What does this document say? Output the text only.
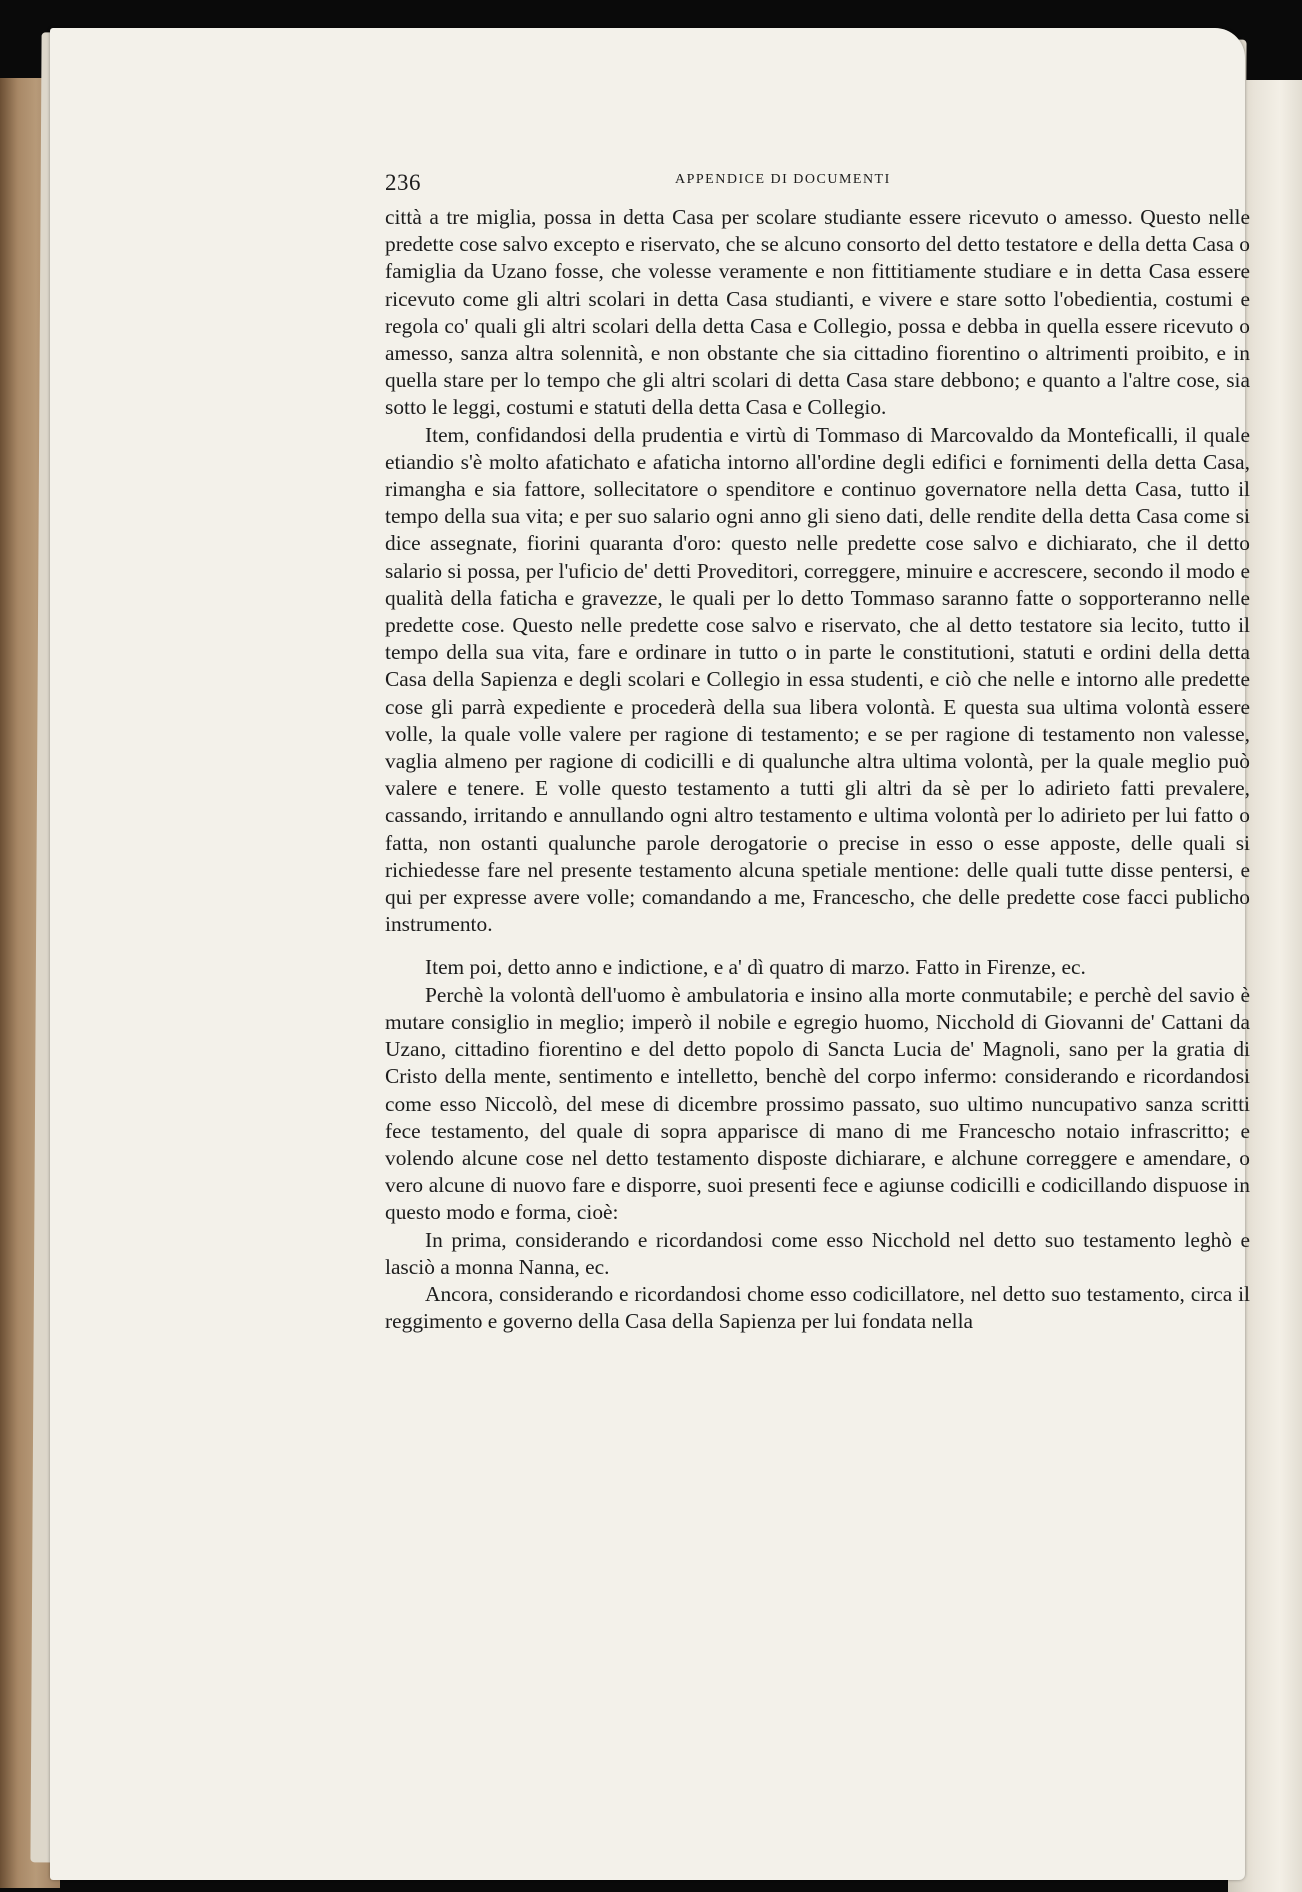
236	APPENDICE DI DOCUMENTI

città a tre miglia, possa in detta Casa per scolare studiante essere ricevuto o amesso. Questo nelle predette cose salvo excepto e riservato, che se alcuno consorto del detto testatore e della detta Casa o famiglia da Uzano fosse, che volesse veramente e non fittitiamente studiare e in detta Casa essere ricevuto come gli altri scolari in detta Casa studianti, e vivere e stare sotto l'obedientia, costumi e regola co' quali gli altri scolari della detta Casa e Collegio, possa e debba in quella essere ricevuto o amesso, sanza altra solennità, e non obstante che sia cittadino fiorentino o altrimenti proibito, e in quella stare per lo tempo che gli altri scolari di detta Casa stare debbono; e quanto a l'altre cose, sia sotto le leggi, costumi e statuti della detta Casa e Collegio.

Item, confidandosi della prudentia e virtù di Tommaso di Marcovaldo da Monteficalli, il quale etiandio s'è molto afatichato e afaticha intorno all'ordine degli edifici e fornimenti della detta Casa, rimangha e sia fattore, sollecitatore o spenditore e continuo governatore nella detta Casa, tutto il tempo della sua vita; e per suo salario ogni anno gli sieno dati, delle rendite della detta Casa come si dice assegnate, fiorini quaranta d'oro: questo nelle predette cose salvo e dichiarato, che il detto salario si possa, per l'uficio de' detti Proveditori, correggere, minuire e accrescere, secondo il modo e qualità della faticha e gravezze, le quali per lo detto Tommaso saranno fatte o sopporteranno nelle predette cose. Questo nelle predette cose salvo e riservato, che al detto testatore sia lecito, tutto il tempo della sua vita, fare e ordinare in tutto o in parte le constitutioni, statuti e ordini della detta Casa della Sapienza e degli scolari e Collegio in essa studenti, e ciò che nelle e intorno alle predette cose gli parrà expediente e procederà della sua libera volontà. E questa sua ultima volontà essere volle, la quale volle valere per ragione di testamento; e se per ragione di testamento non valesse, vaglia almeno per ragione di codicilli e di qualunche altra ultima volontà, per la quale meglio può valere e tenere. E volle questo testamento a tutti gli altri da sè per lo adirieto fatti prevalere, cassando, irritando e annullando ogni altro testamento e ultima volontà per lo adirieto per lui fatto o fatta, non ostanti qualunche parole derogatorie o precise in esso o esse apposte, delle quali si richiedesse fare nel presente testamento alcuna spetiale mentione: delle quali tutte disse pentersi, e qui per expresse avere volle; comandando a me, Francescho, che delle predette cose facci publicho instrumento.

Item poi, detto anno e indictione, e a' dì quatro di marzo. Fatto in Firenze, ec.

Perchè la volontà dell'uomo è ambulatoria e insino alla morte conmutabile; e perchè del savio è mutare consiglio in meglio; imperò il nobile e egregio huomo, Nicchold di Giovanni de' Cattani da Uzano, cittadino fiorentino e del detto popolo di Sancta Lucia de' Magnoli, sano per la gratia di Cristo della mente, sentimento e intelletto, benchè del corpo infermo: considerando e ricordandosi come esso Niccolò, del mese di dicembre prossimo passato, suo ultimo nuncupativo sanza scritti fece testamento, del quale di sopra apparisce di mano di me Francescho notaio infrascritto; e volendo alcune cose nel detto testamento disposte dichiarare, e alchune correggere e amendare, o vero alcune di nuovo fare e disporre, suoi presenti fece e agiunse codicilli e codicillando dispuose in questo modo e forma, cioè:

In prima, considerando e ricordandosi come esso Nicchold nel detto suo testamento leghò e lasciò a monna Nanna, ec.

Ancora, considerando e ricordandosi chome esso codicillatore, nel detto suo testamento, circa il reggimento e governo della Casa della Sapienza per lui fondata nella
